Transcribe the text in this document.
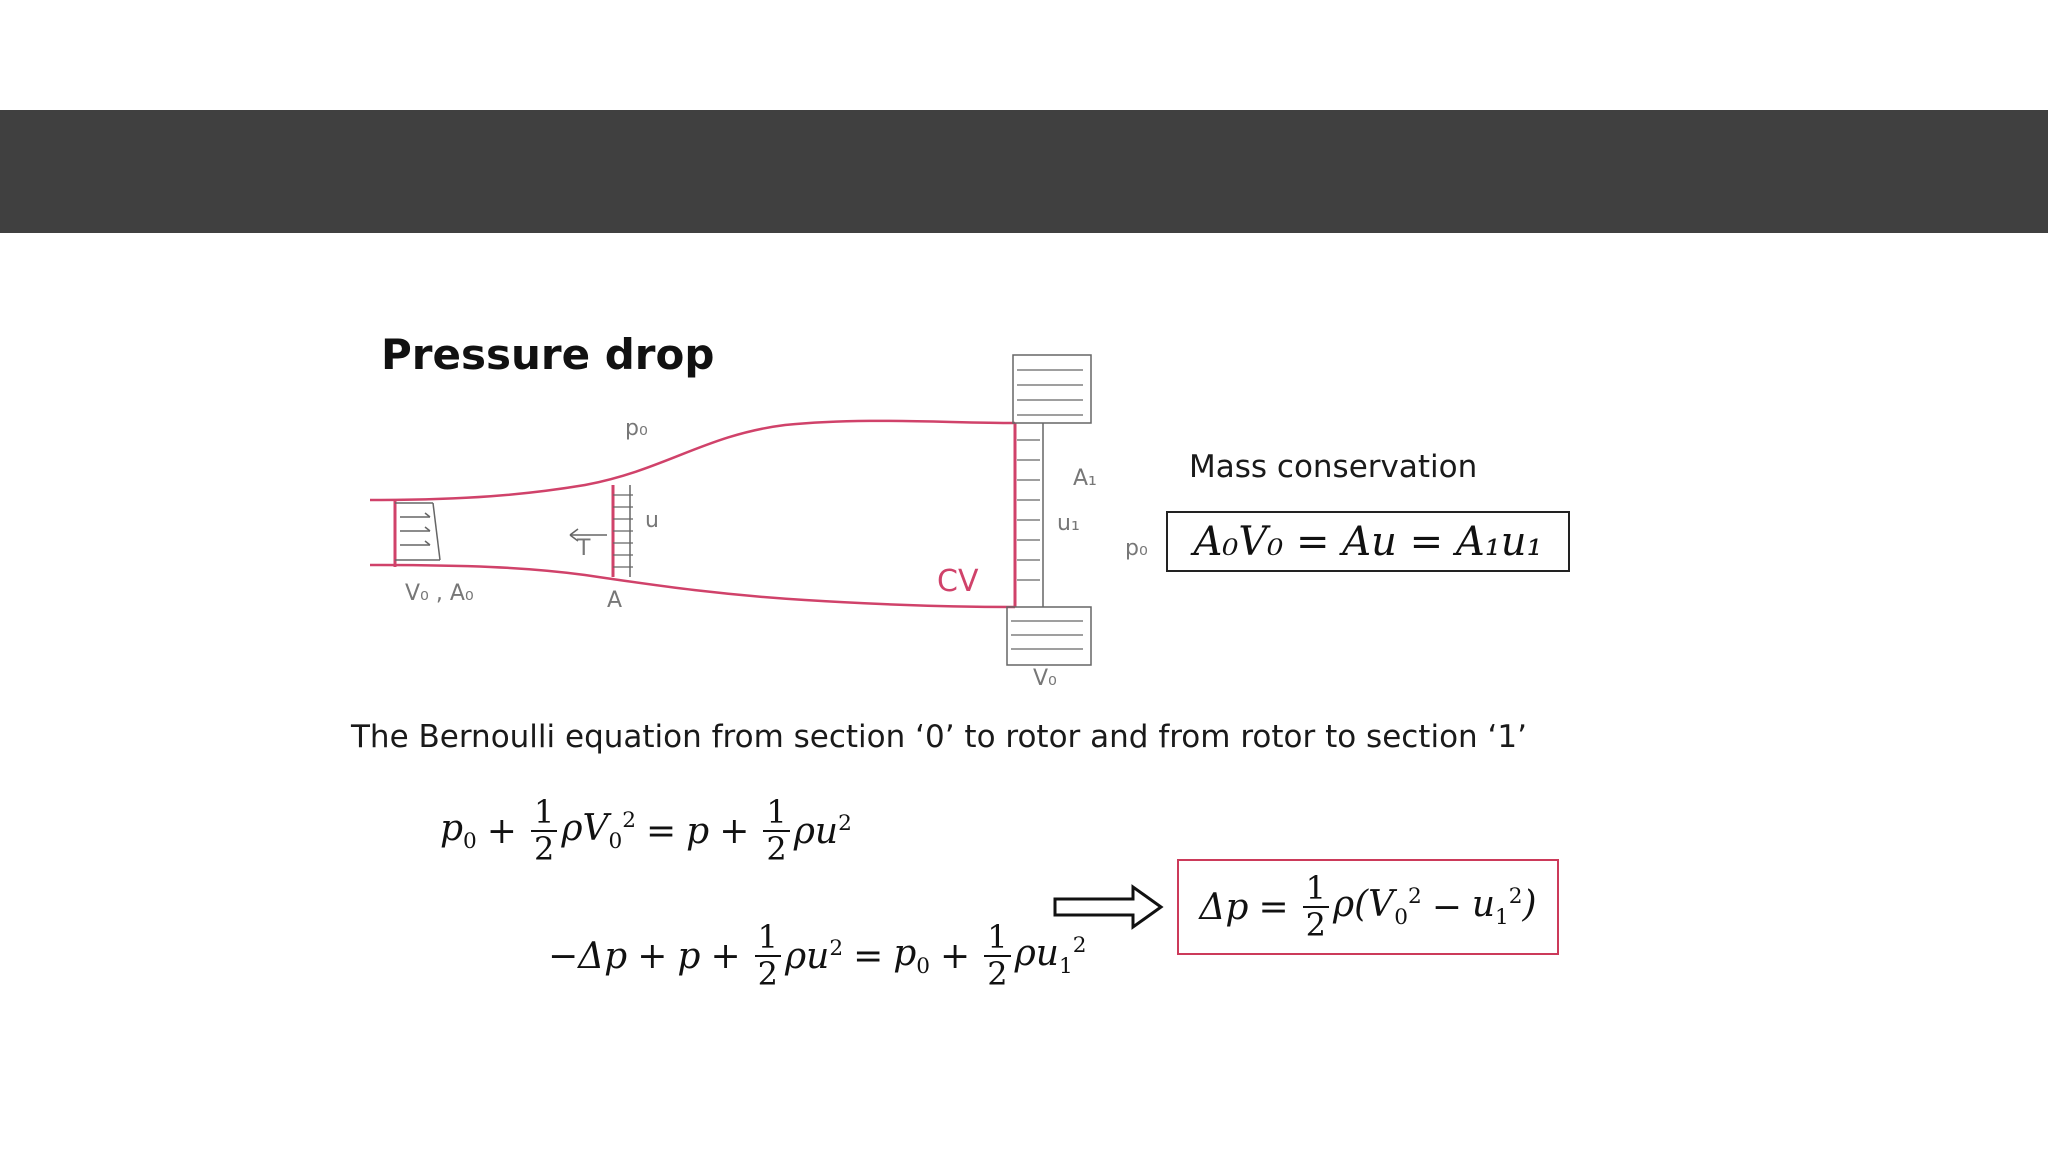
Pressure drop
p₀
V₀ , A₀	A
T
u
A₁
u₁
p₀
CV
V₀
Mass conservation
A₀V₀ = Au = A₁u₁
The Bernoulli equation from section ‘0’ to rotor and from rotor to section ‘1’
$p_0 + \frac{1}{2} \rho V_0^2 = p + \frac{1}{2} \rho u^2$
$-\Delta p + p + \frac{1}{2} \rho u^2 = p_0 + \frac{1}{2} \rho u_1^2$
$\Delta p = \frac{1}{2} \rho(V_0^2 - u_1^2)$
